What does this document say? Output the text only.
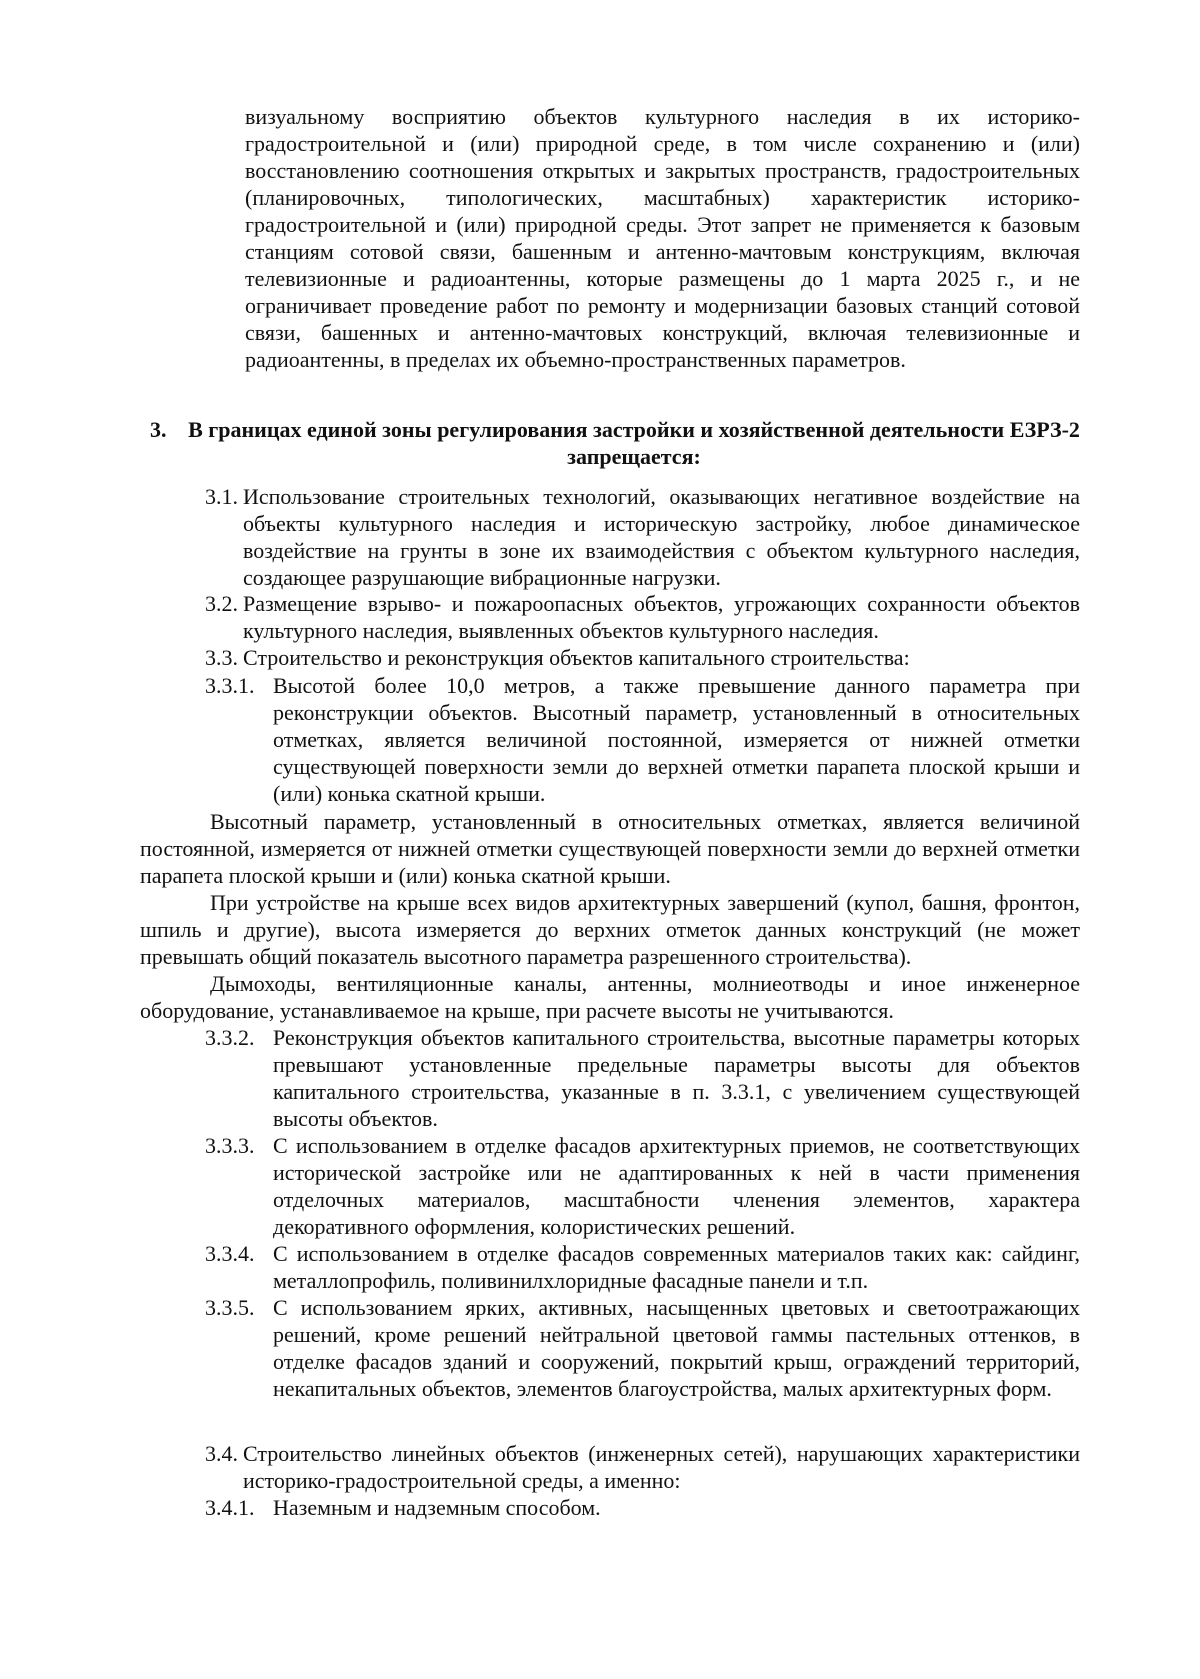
визуальному восприятию объектов культурного наследия в их историко-градостроительной и (или) природной среде, в том числе сохранению и (или) восстановлению соотношения открытых и закрытых пространств, градостроительных (планировочных, типологических, масштабных) характеристик историко-градостроительной и (или) природной среды. Этот запрет не применяется к базовым станциям сотовой связи, башенным и антенно-мачтовым конструкциям, включая телевизионные и радиоантенны, которые размещены до 1 марта 2025 г., и не ограничивает проведение работ по ремонту и модернизации базовых станций сотовой связи, башенных и антенно-мачтовых конструкций, включая телевизионные и радиоантенны, в пределах их объемно-пространственных параметров.
3. В границах единой зоны регулирования застройки и хозяйственной деятельности ЕЗРЗ-2 запрещается:
3.1. Использование строительных технологий, оказывающих негативное воздействие на объекты культурного наследия и историческую застройку, любое динамическое воздействие на грунты в зоне их взаимодействия с объектом культурного наследия, создающее разрушающие вибрационные нагрузки.
3.2. Размещение взрыво- и пожароопасных объектов, угрожающих сохранности объектов культурного наследия, выявленных объектов культурного наследия.
3.3. Строительство и реконструкция объектов капитального строительства:
3.3.1. Высотой более 10,0 метров, а также превышение данного параметра при реконструкции объектов. Высотный параметр, установленный в относительных отметках, является величиной постоянной, измеряется от нижней отметки существующей поверхности земли до верхней отметки парапета плоской крыши и (или) конька скатной крыши.
Высотный параметр, установленный в относительных отметках, является величиной постоянной, измеряется от нижней отметки существующей поверхности земли до верхней отметки парапета плоской крыши и (или) конька скатной крыши.
При устройстве на крыше всех видов архитектурных завершений (купол, башня, фронтон, шпиль и другие), высота измеряется до верхних отметок данных конструкций (не может превышать общий показатель высотного параметра разрешенного строительства).
Дымоходы, вентиляционные каналы, антенны, молниеотводы и иное инженерное оборудование, устанавливаемое на крыше, при расчете высоты не учитываются.
3.3.2. Реконструкция объектов капитального строительства, высотные параметры которых превышают установленные предельные параметры высоты для объектов капитального строительства, указанные в п. 3.3.1, с увеличением существующей высоты объектов.
3.3.3. С использованием в отделке фасадов архитектурных приемов, не соответствующих исторической застройке или не адаптированных к ней в части применения отделочных материалов, масштабности членения элементов, характера декоративного оформления, колористических решений.
3.3.4. С использованием в отделке фасадов современных материалов таких как: сайдинг, металлопрофиль, поливинилхлоридные фасадные панели и т.п.
3.3.5. С использованием ярких, активных, насыщенных цветовых и светоотражающих решений, кроме решений нейтральной цветовой гаммы пастельных оттенков, в отделке фасадов зданий и сооружений, покрытий крыш, ограждений территорий, некапитальных объектов, элементов благоустройства, малых архитектурных форм.
3.4. Строительство линейных объектов (инженерных сетей), нарушающих характеристики историко-градостроительной среды, а именно:
3.4.1. Наземным и надземным способом.
